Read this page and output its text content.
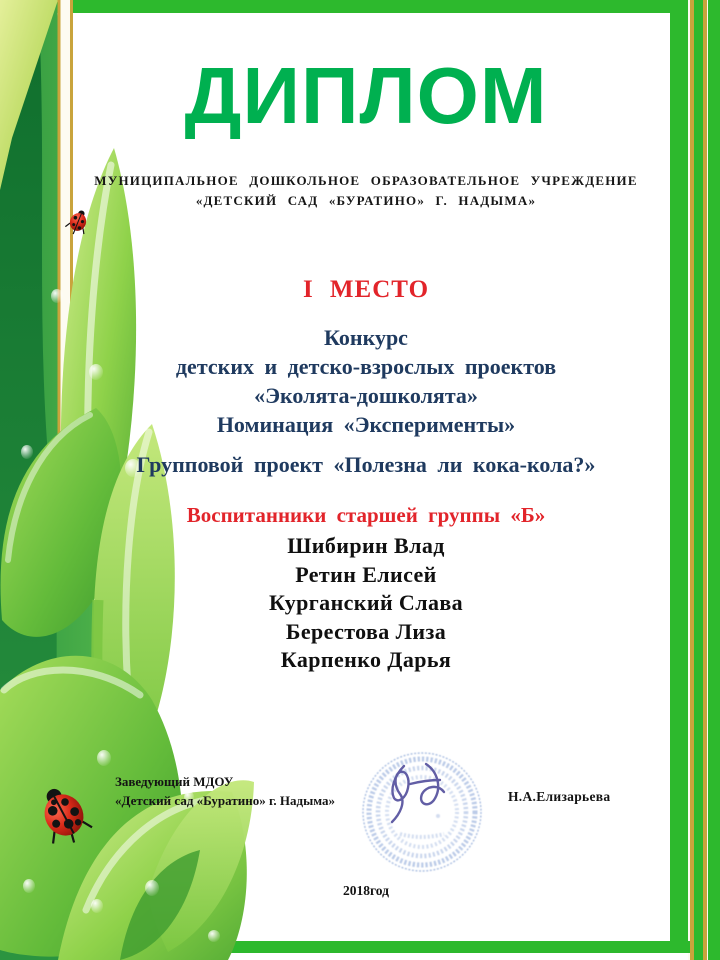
ДИПЛОМ
МУНИЦИПАЛЬНОЕ ДОШКОЛЬНОЕ ОБРАЗОВАТЕЛЬНОЕ УЧРЕЖДЕНИЕ
«ДЕТСКИЙ САД «БУРАТИНО» Г. НАДЫМА»
I МЕСТО
Конкурс
детских и детско-взрослых проектов
«Эколята-дошколята»
Номинация «Эксперименты»
Групповой проект «Полезна ли кока-кола?»
Воспитанники старшей группы «Б»
Шибирин Влад
Ретин Елисей
Курганский Слава
Берестова Лиза
Карпенко Дарья
2018год
Заведующий МДОУ
«Детский сад «Буратино» г. Надыма»	Н.А.Елизарьева
